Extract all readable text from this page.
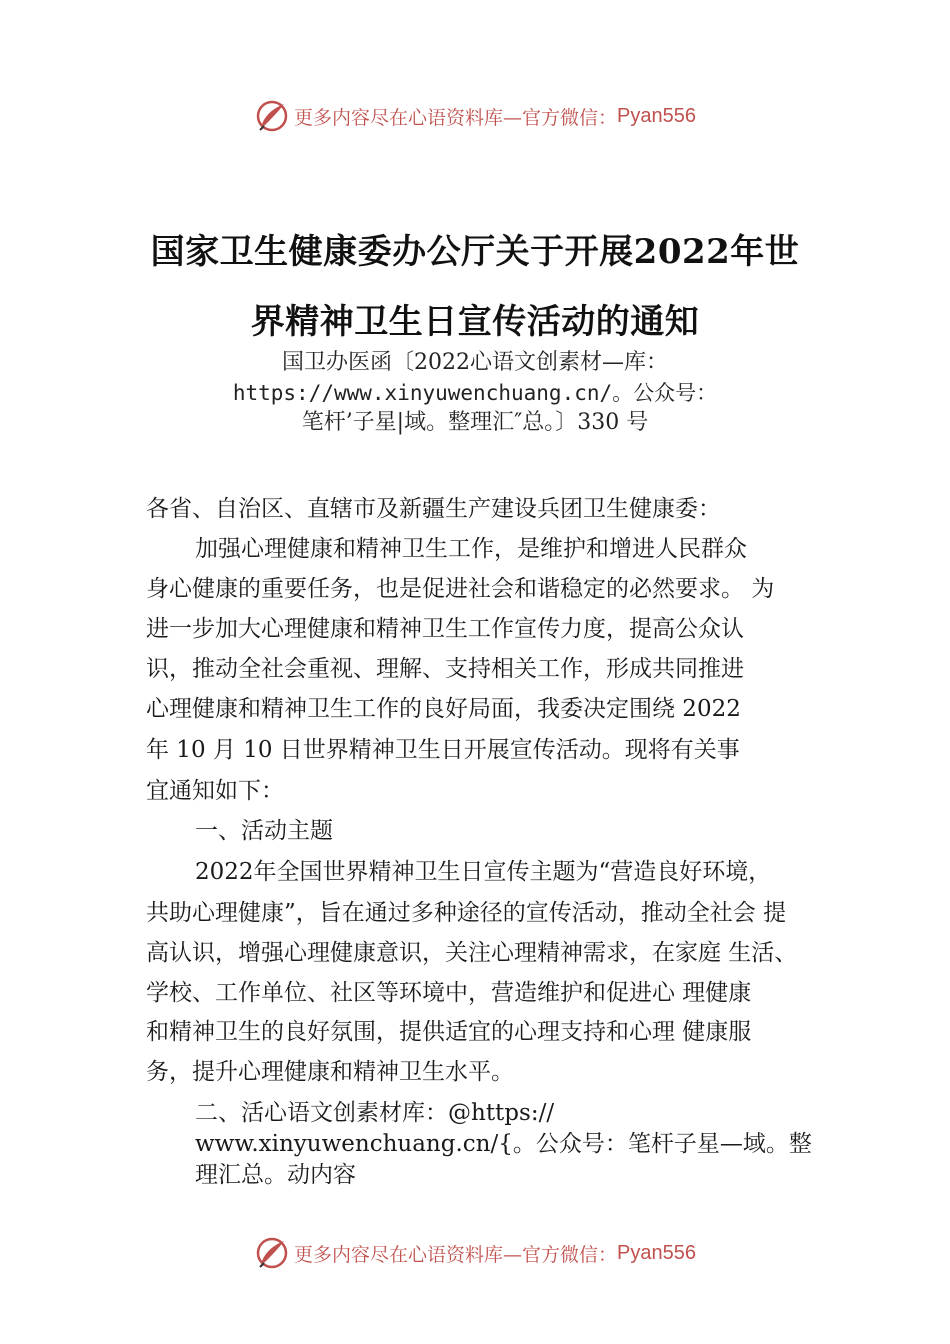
更多内容尽在心语资料库—官方微信： Pyan556
国家卫生健康委办公厅关于开展2022年世
界精神卫生日宣传活动的通知
国卫办医函〔2022心语文创素材—库：
https://www.xinyuwenchuang.cn/。公众号：
笔杆’子星|域。整理汇″总。〕330 号
各省、自治区、直辖市及新疆生产建设兵团卫生健康委：
加强心理健康和精神卫生工作，是维护和增进人民群众
身心健康的重要任务，也是促进社会和谐稳定的必然要求。 为
进一步加大心理健康和精神卫生工作宣传力度，提高公众认
识，推动全社会重视、理解、支持相关工作，形成共同推进
心理健康和精神卫生工作的良好局面，我委决定围绕 2022
年 10 月 10 日世界精神卫生日开展宣传活动。现将有关事
宜通知如下：
一、活动主题
2022年全国世界精神卫生日宣传主题为“营造良好环境，
共助心理健康”，旨在通过多种途径的宣传活动，推动全社会 提
高认识，增强心理健康意识，关注心理精神需求，在家庭 生活、
学校、工作单位、社区等环境中，营造维护和促进心 理健康
和精神卫生的良好氛围，提供适宜的心理支持和心理 健康服
务，提升心理健康和精神卫生水平。
二、活心语文创素材库：@https://
www.xinyuwenchuang.cn/{。公众号：笔杆子星—域。整
理汇总。动内容
更多内容尽在心语资料库—官方微信： Pyan556
